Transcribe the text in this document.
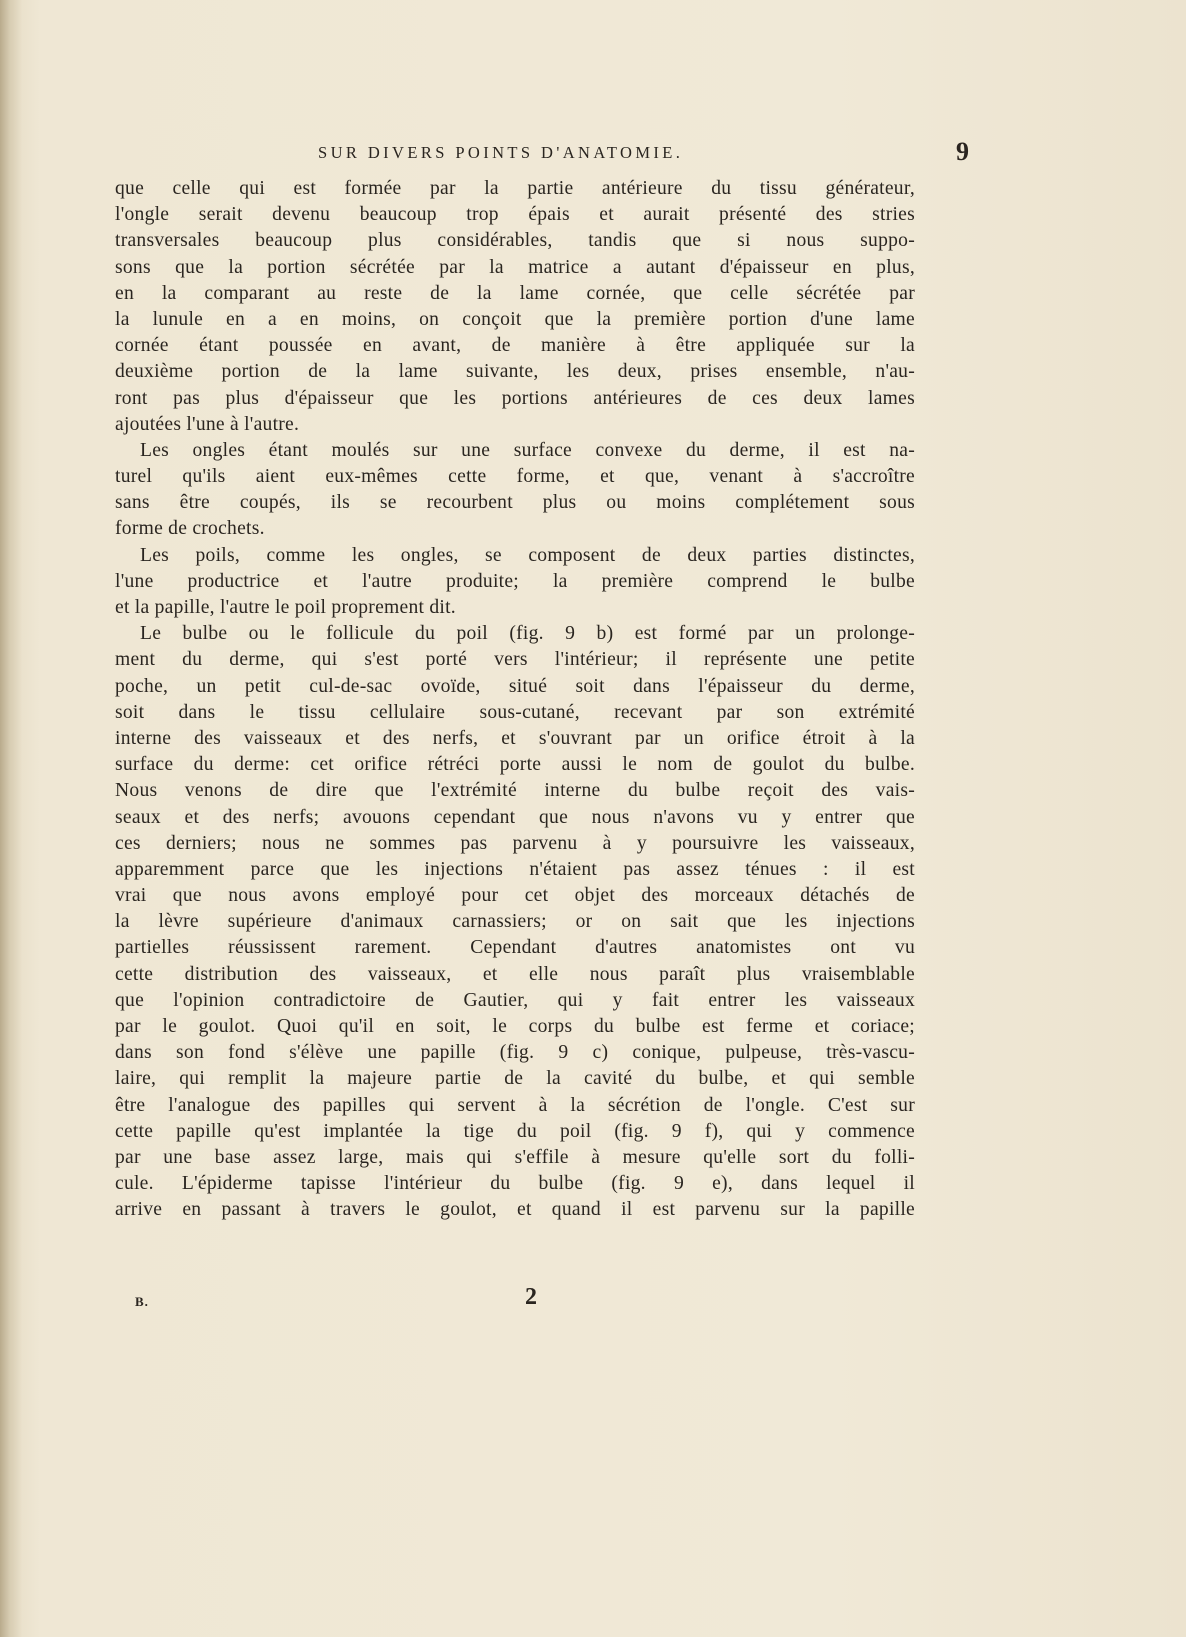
SUR DIVERS POINTS D'ANATOMIE.	9
que celle qui est formée par la partie antérieure du tissu générateur,
l'ongle serait devenu beaucoup trop épais et aurait présenté des stries
transversales beaucoup plus considérables, tandis que si nous suppo-
sons que la portion sécrétée par la matrice a autant d'épaisseur en plus,
en la comparant au reste de la lame cornée, que celle sécrétée par
la lunule en a en moins, on conçoit que la première portion d'une lame
cornée étant poussée en avant, de manière à être appliquée sur la
deuxième portion de la lame suivante, les deux, prises ensemble, n'au-
ront pas plus d'épaisseur que les portions antérieures de ces deux lames
ajoutées l'une à l'autre.
Les ongles étant moulés sur une surface convexe du derme, il est na-
turel qu'ils aient eux-mêmes cette forme, et que, venant à s'accroître
sans être coupés, ils se recourbent plus ou moins complétement sous
forme de crochets.
Les poils, comme les ongles, se composent de deux parties distinctes,
l'une productrice et l'autre produite; la première comprend le bulbe
et la papille, l'autre le poil proprement dit.
Le bulbe ou le follicule du poil (fig. 9 b) est formé par un prolonge-
ment du derme, qui s'est porté vers l'intérieur; il représente une petite
poche, un petit cul-de-sac ovoïde, situé soit dans l'épaisseur du derme,
soit dans le tissu cellulaire sous-cutané, recevant par son extrémité
interne des vaisseaux et des nerfs, et s'ouvrant par un orifice étroit à la
surface du derme: cet orifice rétréci porte aussi le nom de goulot du bulbe.
Nous venons de dire que l'extrémité interne du bulbe reçoit des vais-
seaux et des nerfs; avouons cependant que nous n'avons vu y entrer que
ces derniers; nous ne sommes pas parvenu à y poursuivre les vaisseaux,
apparemment parce que les injections n'étaient pas assez ténues : il est
vrai que nous avons employé pour cet objet des morceaux détachés de
la lèvre supérieure d'animaux carnassiers; or on sait que les injections
partielles réussissent rarement. Cependant d'autres anatomistes ont vu
cette distribution des vaisseaux, et elle nous paraît plus vraisemblable
que l'opinion contradictoire de Gautier, qui y fait entrer les vaisseaux
par le goulot. Quoi qu'il en soit, le corps du bulbe est ferme et coriace;
dans son fond s'élève une papille (fig. 9 c) conique, pulpeuse, très-vascu-
laire, qui remplit la majeure partie de la cavité du bulbe, et qui semble
être l'analogue des papilles qui servent à la sécrétion de l'ongle. C'est sur
cette papille qu'est implantée la tige du poil (fig. 9 f), qui y commence
par une base assez large, mais qui s'effile à mesure qu'elle sort du folli-
cule. L'épiderme tapisse l'intérieur du bulbe (fig. 9 e), dans lequel il
arrive en passant à travers le goulot, et quand il est parvenu sur la papille
B.	2
